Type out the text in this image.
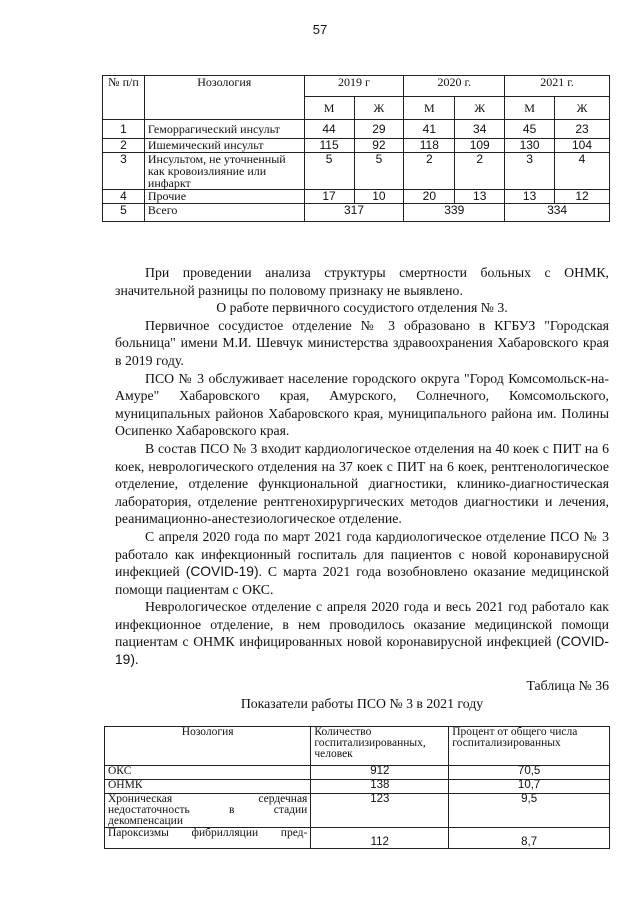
57
№ п/п	Нозология	2019 г		2020 г.		2021 г.	
		М	Ж	М	Ж	М	Ж
1	Геморрагический инсульт	44	29	41	34	45	23
2	Ишемический инсульт	115	92	118	109	130	104
3	Инсультом, не уточненный как кровоизлияние или инфаркт	5	5	2	2	3	4
4	Прочие	17	10	20	13	13	12
5	Всего	317		339		334	

При проведении анализа структуры смертности больных с ОНМК, значительной разницы по половому признаку не выявлено.

О работе первичного сосудистого отделения № 3.

Первичное сосудистое отделение № 3 образовано в КГБУЗ "Городская больница" имени М.И. Шевчук министерства здравоохранения Хабаровского края в 2019 году.

ПСО № 3 обслуживает население городского округа "Город Комсомольск-на-Амуре" Хабаровского края, Амурского, Солнечного, Комсомольского, муниципальных районов Хабаровского края, муниципального района им. Полины Осипенко Хабаровского края.

В состав ПСО № 3 входит кардиологическое отделения на 40 коек с ПИТ на 6 коек, неврологического отделения на 37 коек с ПИТ на 6 коек, рентгенологическое отделение, отделение функциональной диагностики, клинико-диагностическая лаборатория, отделение рентгенохирургических методов диагностики и лечения, реанимационно-анестезиологическое отделение.

С апреля 2020 года по март 2021 года кардиологическое отделение ПСО № 3 работало как инфекционный госпиталь для пациентов с новой коронавирусной инфекцией (COVID-19). С марта 2021 года возобновлено оказание медицинской помощи пациентам с ОКС.

Неврологическое отделение с апреля 2020 года и весь 2021 год работало как инфекционное отделение, в нем проводилось оказание медицинской помощи пациентам с ОНМК инфицированных новой коронавирусной инфекцией (COVID-19).

Таблица № 36
Показатели работы ПСО № 3 в 2021 году
Нозология	Количество госпитализированных, человек	Процент от общего числа госпитализированных
ОКС	912	70,5
ОНМК	138	10,7
Хроническая сердечная недостаточность в стадии декомпенсации	123	9,5
Пароксизмы фибрилляции пред-	112	8,7
